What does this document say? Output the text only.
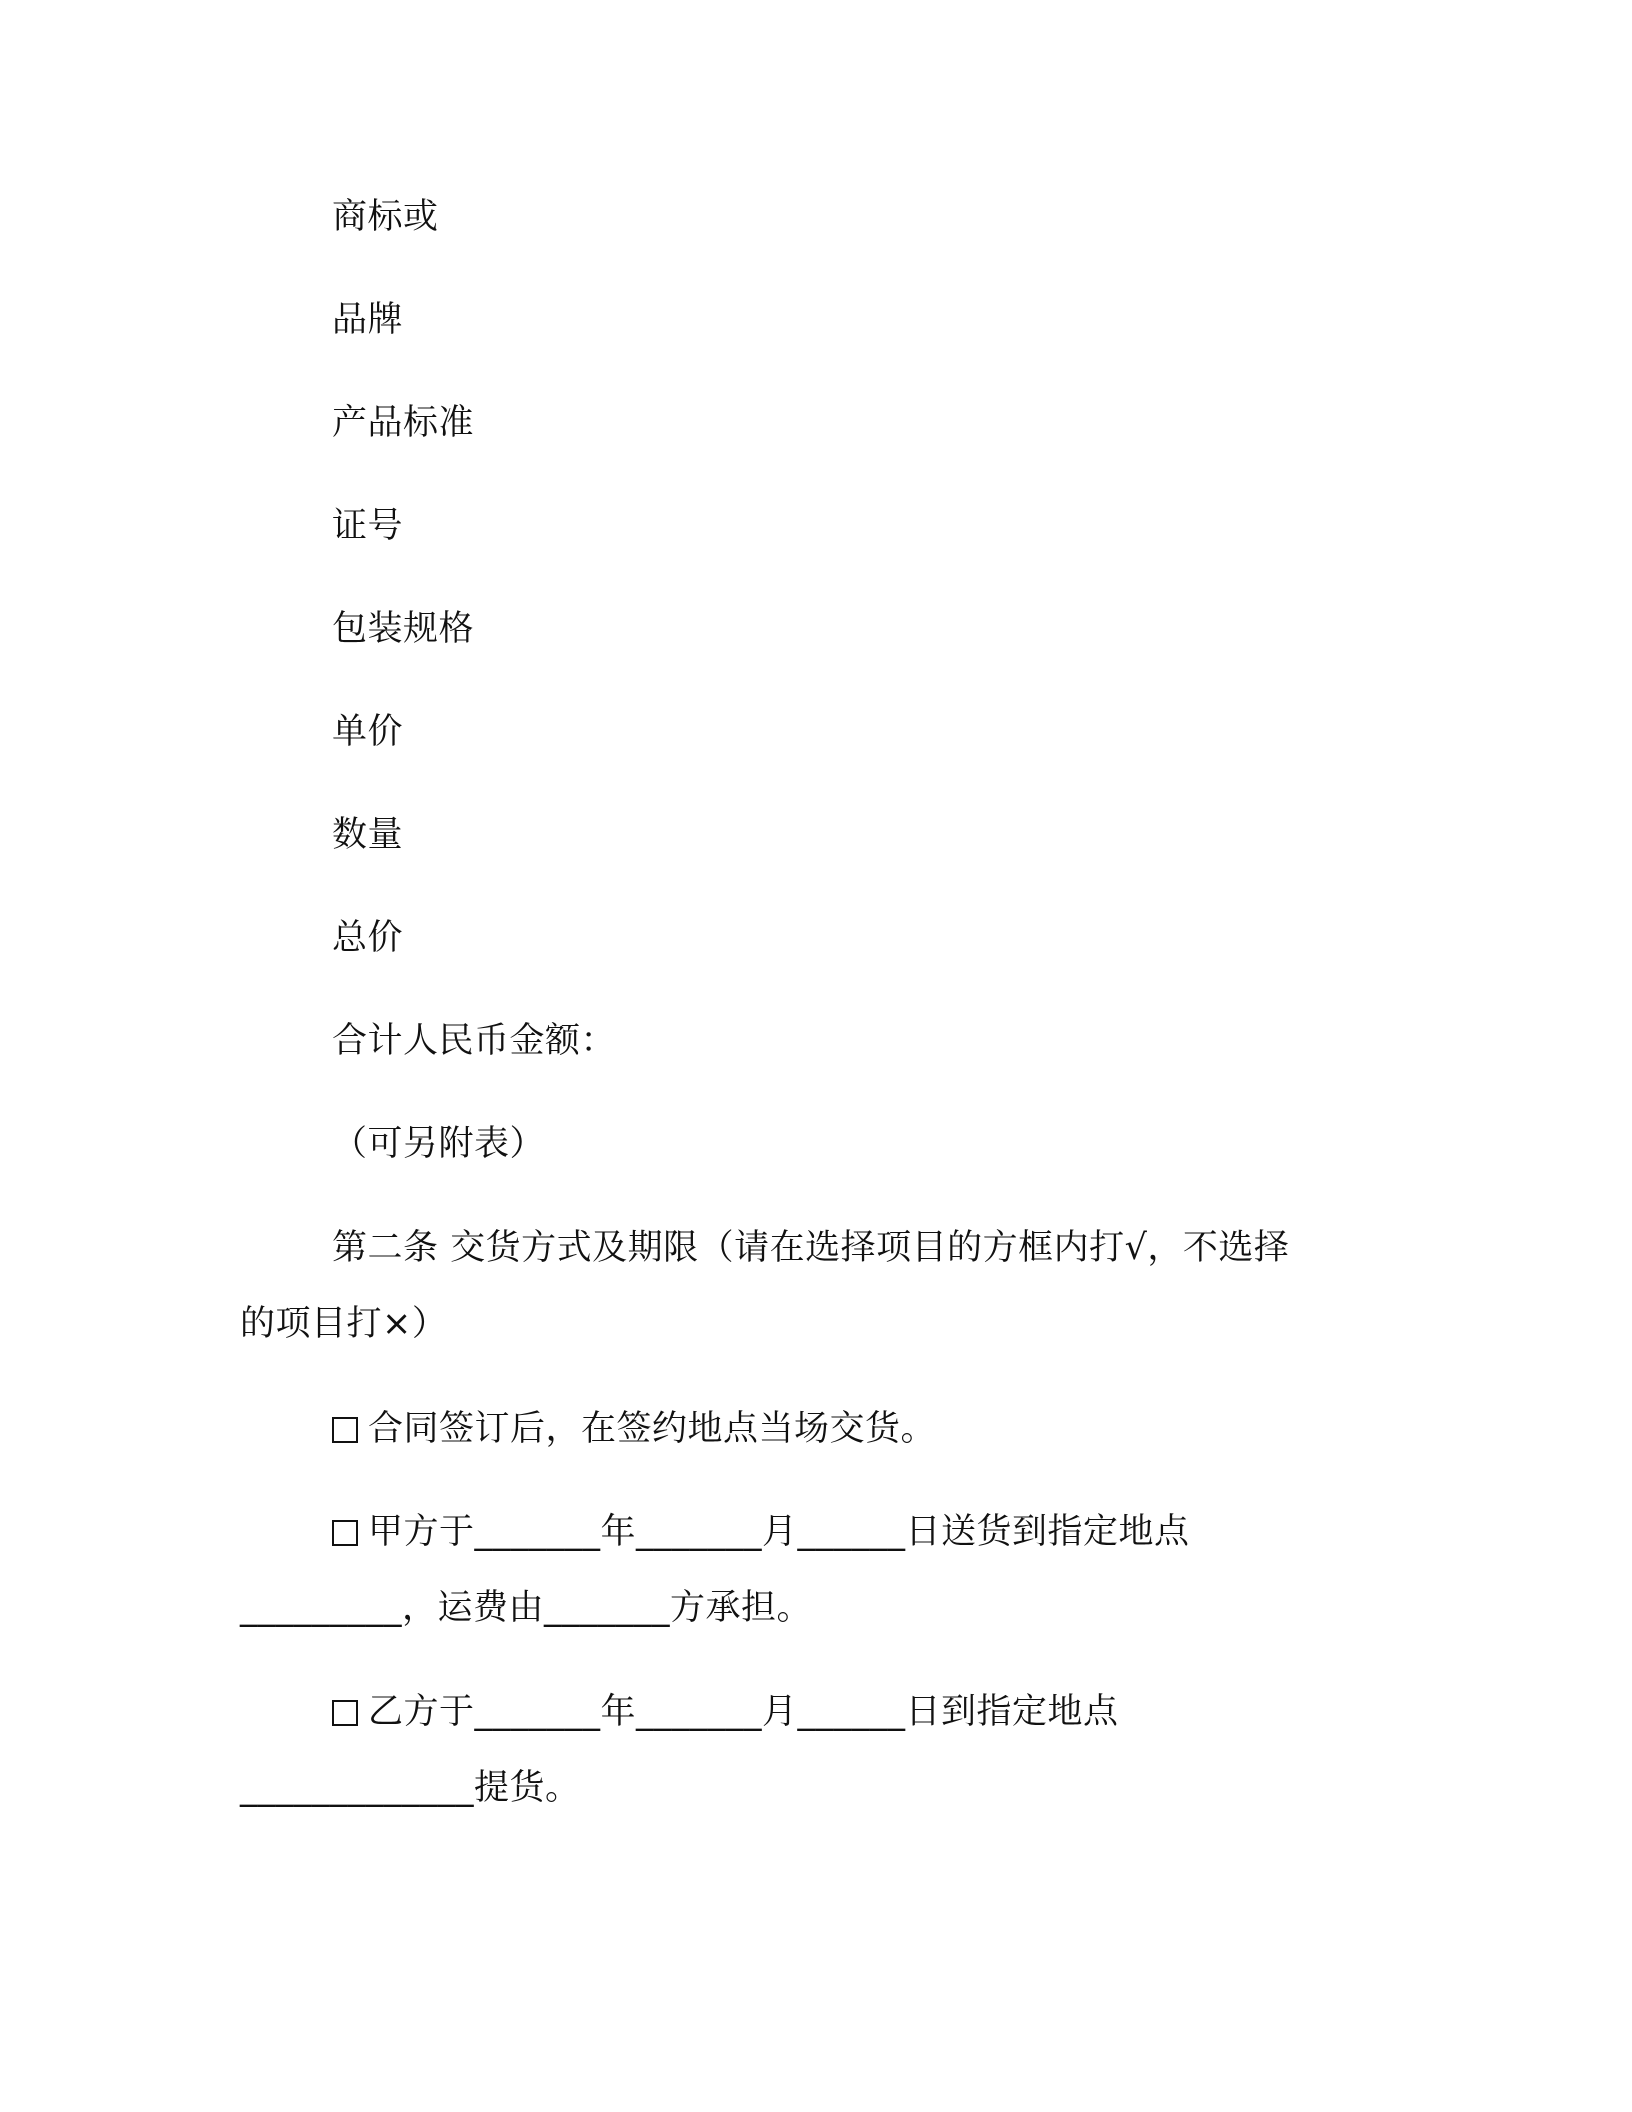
商标或
品牌
产品标准
证号
包装规格
单价
数量
总价
合计人民币金额：
（可另附表）
第二条 交货方式及期限（请在选择项目的方框内打√，不选择
的项目打×）
合同签订后，在签约地点当场交货。
甲方于_______年_______月______日送货到指定地点
_________，运费由_______方承担。
乙方于_______年_______月______日到指定地点
_____________提货。
